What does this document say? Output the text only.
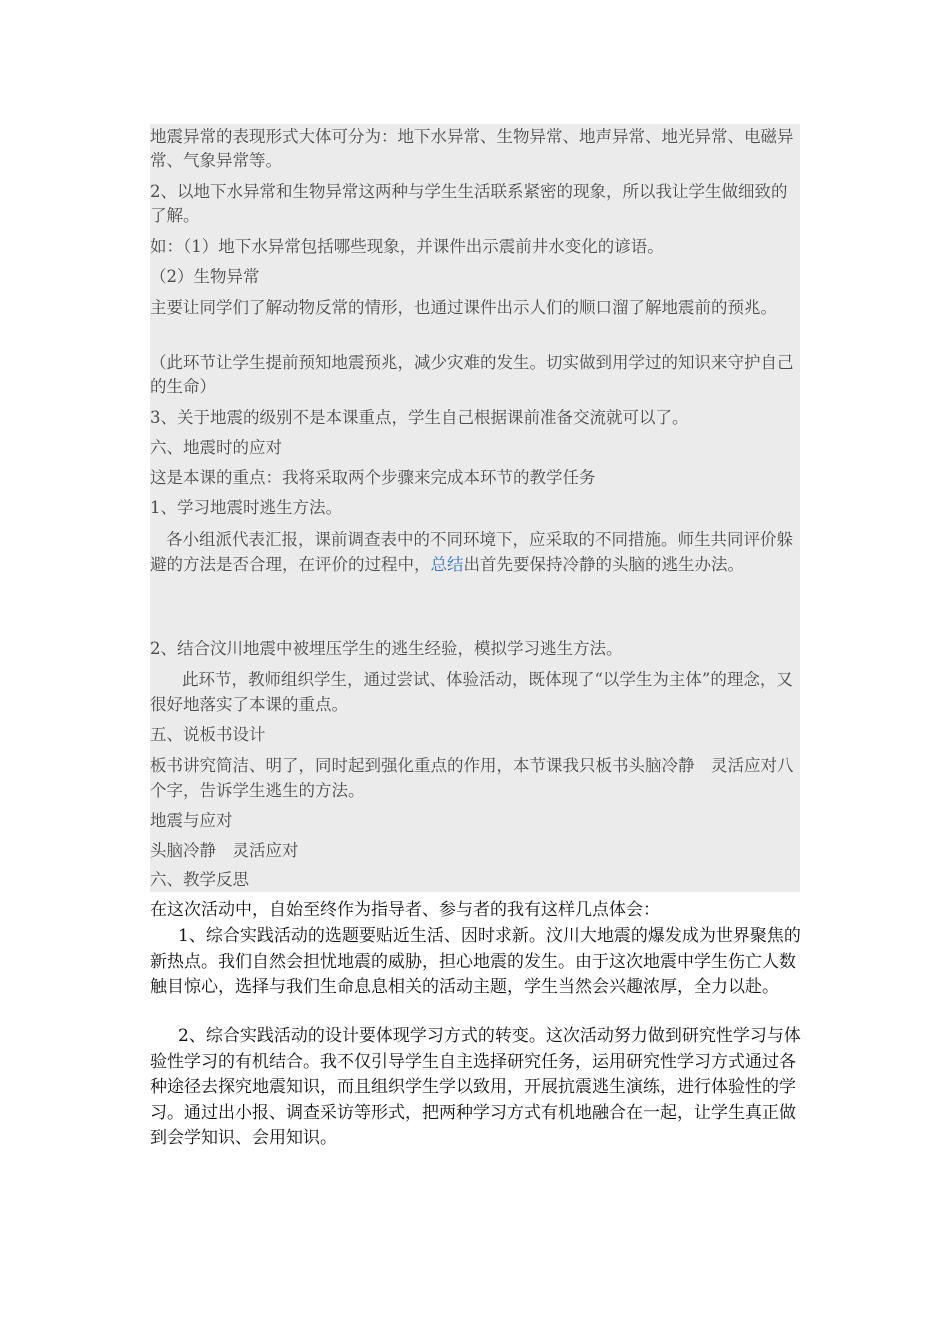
地震异常的表现形式大体可分为：地下水异常、生物异常、地声异常、地光异常、电磁异常、气象异常等。
2、以地下水异常和生物异常这两种与学生生活联系紧密的现象，所以我让学生做细致的了解。
如：（1）地下水异常包括哪些现象，并课件出示震前井水变化的谚语。
（2）生物异常
主要让同学们了解动物反常的情形，也通过课件出示人们的顺口溜了解地震前的预兆。
（此环节让学生提前预知地震预兆，减少灾难的发生。切实做到用学过的知识来守护自己的生命）
3、关于地震的级别不是本课重点，学生自己根据课前准备交流就可以了。
六、地震时的应对
这是本课的重点：我将采取两个步骤来完成本环节的教学任务
1、学习地震时逃生方法。
各小组派代表汇报，课前调查表中的不同环境下，应采取的不同措施。师生共同评价躲避的方法是否合理，在评价的过程中，总结出首先要保持冷静的头脑的逃生办法。
2、结合汶川地震中被埋压学生的逃生经验，模拟学习逃生方法。
此环节，教师组织学生，通过尝试、体验活动，既体现了“以学生为主体”的理念，又很好地落实了本课的重点。
五、说板书设计
板书讲究简洁、明了，同时起到强化重点的作用，本节课我只板书头脑冷静　灵活应对八个字，告诉学生逃生的方法。
地震与应对
头脑冷静　灵活应对
六、教学反思
在这次活动中，自始至终作为指导者、参与者的我有这样几点体会：
1、综合实践活动的选题要贴近生活、因时求新。汶川大地震的爆发成为世界聚焦的新热点。我们自然会担忧地震的威胁，担心地震的发生。由于这次地震中学生伤亡人数触目惊心，选择与我们生命息息相关的活动主题，学生当然会兴趣浓厚，全力以赴。
2、综合实践活动的设计要体现学习方式的转变。这次活动努力做到研究性学习与体验性学习的有机结合。我不仅引导学生自主选择研究任务，运用研究性学习方式通过各种途径去探究地震知识，而且组织学生学以致用，开展抗震逃生演练，进行体验性的学习。通过出小报、调查采访等形式，把两种学习方式有机地融合在一起，让学生真正做到会学知识、会用知识。
